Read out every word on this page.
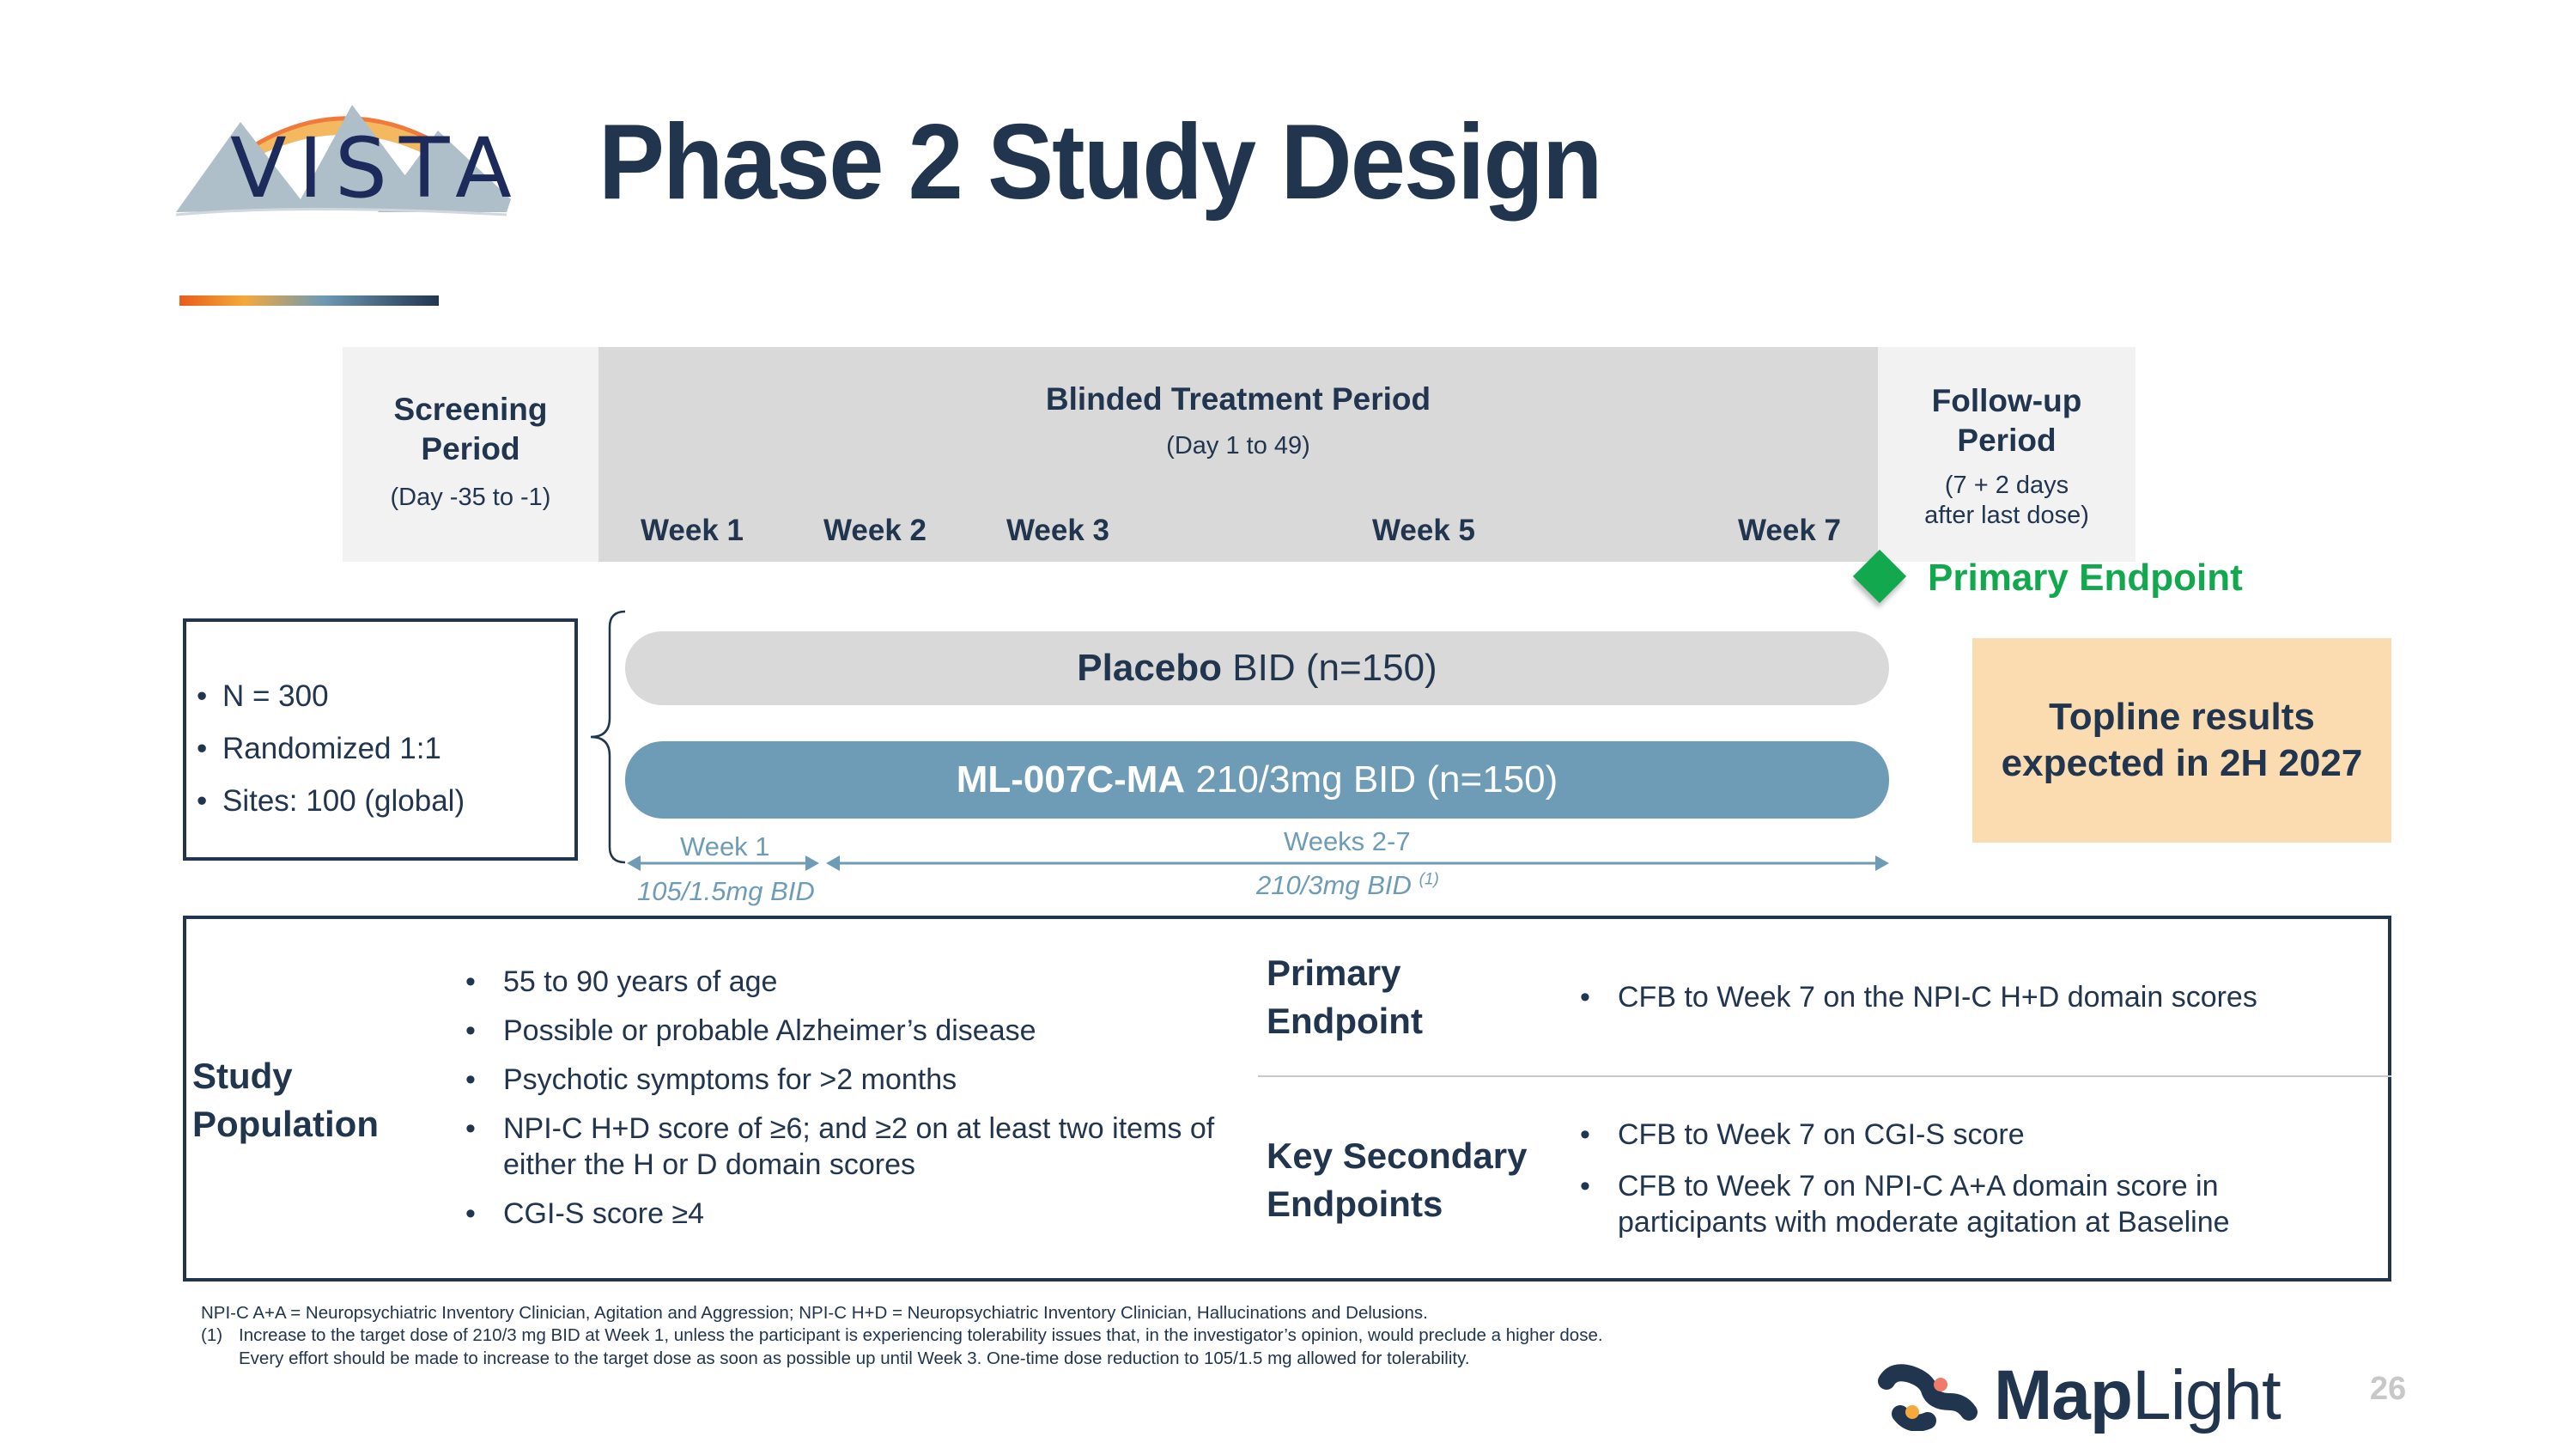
VISTA Phase 2 Study Design
Screening
Period
(Day -35 to -1)
Blinded Treatment Period
(Day 1 to 49)
Follow-up
Period
(7 + 2 days
after last dose)
Week 1	Week 2	Week 3	Week 5	Week 7
Primary Endpoint
• N = 300
• Randomized 1:1
• Sites: 100 (global)
Placebo BID (n=150)
ML-007C-MA 210/3mg BID (n=150)
Week 1	Weeks 2-7
105/1.5mg BID	210/3mg BID $^{(1)}$
Topline results
expected in 2H 2027
Study
Population
• 55 to 90 years of age
• Possible or probable Alzheimer’s disease
• Psychotic symptoms for >2 months
• NPI-C H+D score of ≥6; and ≥2 on at least two items of either the H or D domain scores
• CGI-S score ≥4
Primary
Endpoint
• CFB to Week 7 on the NPI-C H+D domain scores
Key Secondary
Endpoints
• CFB to Week 7 on CGI-S score
• CFB to Week 7 on NPI-C A+A domain score in participants with moderate agitation at Baseline
NPI-C A+A = Neuropsychiatric Inventory Clinician, Agitation and Aggression; NPI-C H+D = Neuropsychiatric Inventory Clinician, Hallucinations and Delusions.
(1) Increase to the target dose of 210/3 mg BID at Week 1, unless the participant is experiencing tolerability issues that, in the investigator’s opinion, would preclude a higher dose.
Every effort should be made to increase to the target dose as soon as possible up until Week 3. One-time dose reduction to 105/1.5 mg allowed for tolerability.	MapLight	26
